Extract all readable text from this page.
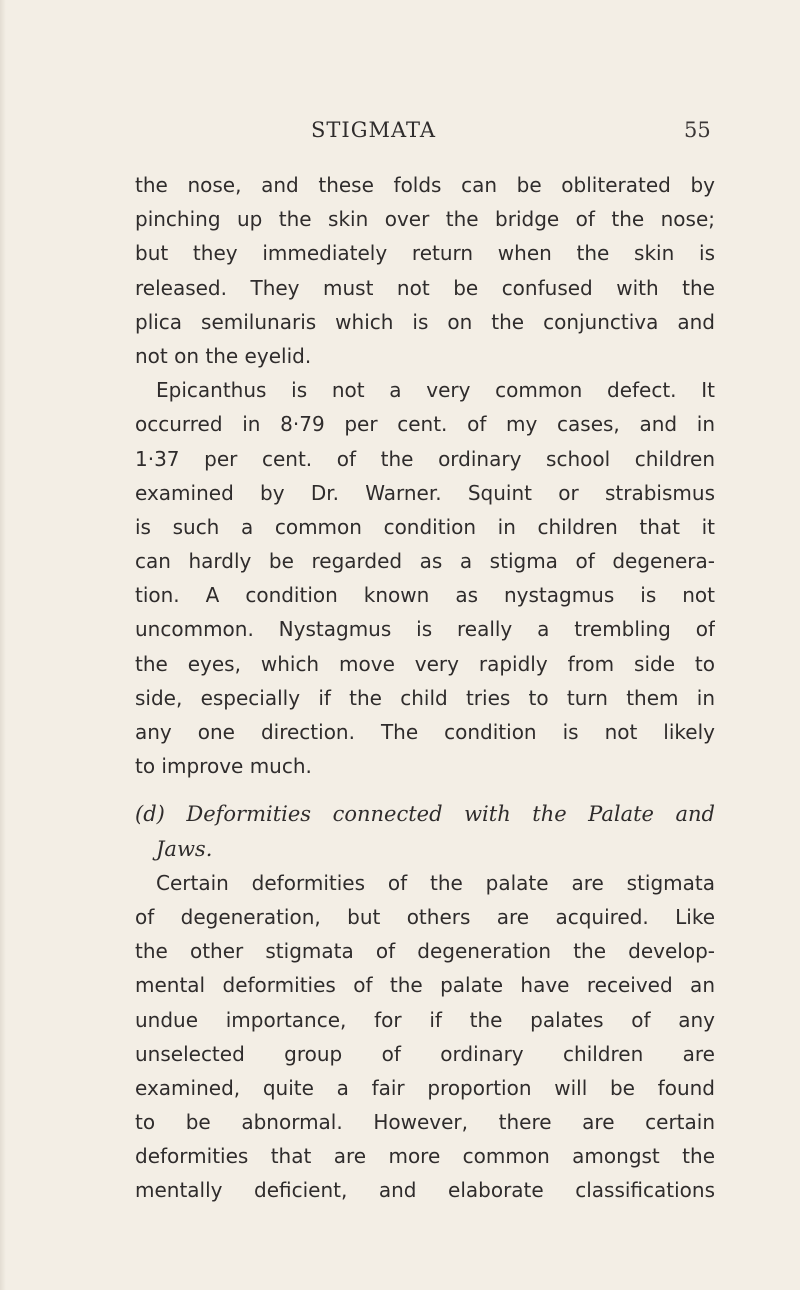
STIGMATA	55
the nose, and these folds can be obliterated by
pinching up the skin over the bridge of the nose;
but they immediately return when the skin is
released. They must not be confused with the
plica semilunaris which is on the conjunctiva and
not on the eyelid.
Epicanthus is not a very common defect. It
occurred in 8·79 per cent. of my cases, and in
1·37 per cent. of the ordinary school children
examined by Dr. Warner. Squint or strabismus
is such a common condition in children that it
can hardly be regarded as a stigma of degenera-
tion. A condition known as nystagmus is not
uncommon. Nystagmus is really a trembling of
the eyes, which move very rapidly from side to
side, especially if the child tries to turn them in
any one direction. The condition is not likely
to improve much.
(d) Deformities connected with the Palate and
Jaws.
Certain deformities of the palate are stigmata
of degeneration, but others are acquired. Like
the other stigmata of degeneration the develop-
mental deformities of the palate have received an
undue importance, for if the palates of any
unselected group of ordinary children are
examined, quite a fair proportion will be found
to be abnormal. However, there are certain
deformities that are more common amongst the
mentally deficient, and elaborate classifications
